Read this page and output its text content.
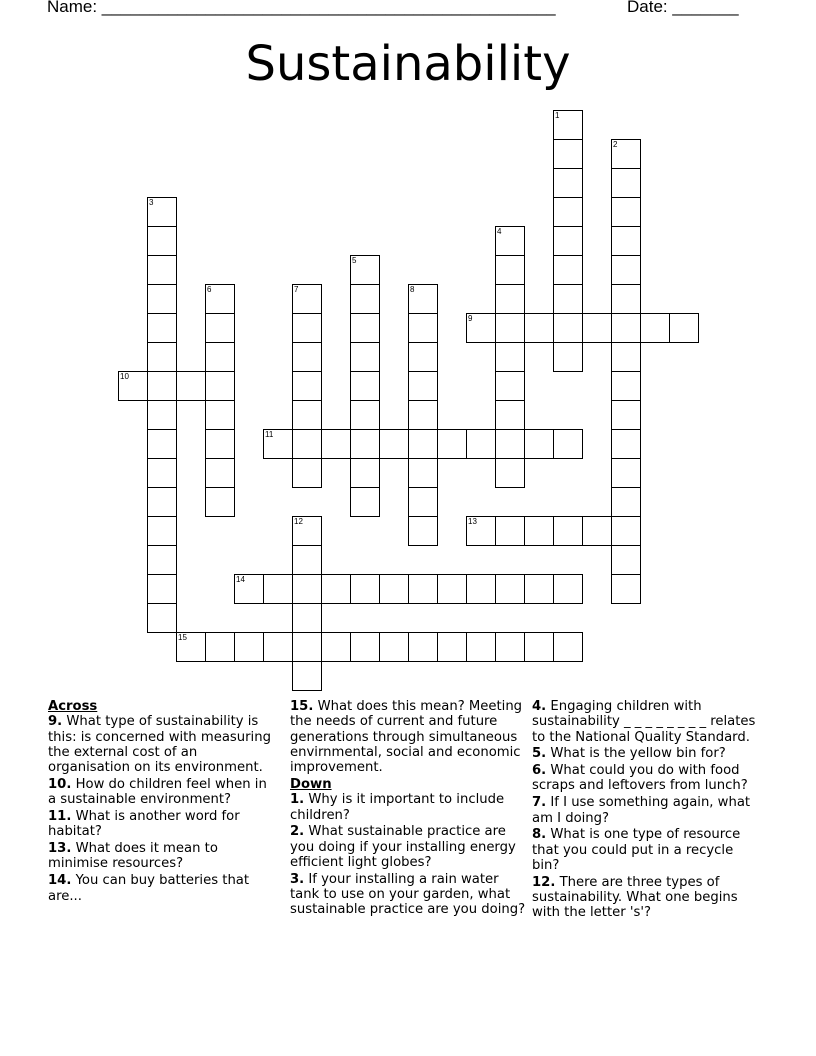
Name: ________________________________________________	Date: _______
Sustainability
1
2
3
4
5
6	7	8
9
10
11
12	13
14
15
Across
9. What type of sustainability is this: is concerned with measuring the external cost of an organisation on its environment.
10. How do children feel when in a sustainable environment?
11. What is another word for habitat?
13. What does it mean to minimise resources?
14. You can buy batteries that are...
15. What does this mean? Meeting the needs of current and future generations through simultaneous envirnmental, social and economic improvement.
Down
1. Why is it important to include children?
2. What sustainable practice are you doing if your installing energy efficient light globes?
3. If your installing a rain water tank to use on your garden, what sustainable practice are you doing?
4. Engaging children with sustainability _ _ _ _ _ _ _ _ relates to the National Quality Standard.
5. What is the yellow bin for?
6. What could you do with food scraps and leftovers from lunch?
7. If I use something again, what am I doing?
8. What is one type of resource that you could put in a recycle bin?
12. There are three types of sustainability. What one begins with the letter 's'?
